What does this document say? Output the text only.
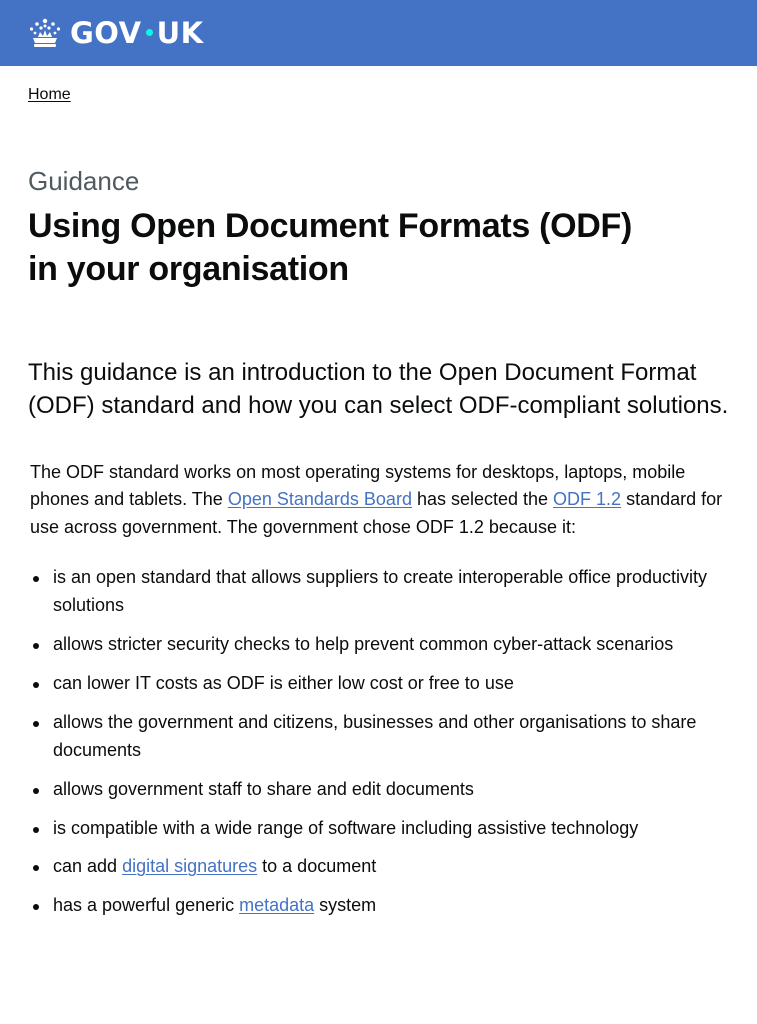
GOV UK
Home
Guidance
Using Open Document Formats (ODF)
in your organisation

This guidance is an introduction to the Open Document Format (ODF) standard and how you can select ODF-compliant solutions.

The ODF standard works on most operating systems for desktops, laptops, mobile phones and tablets. The Open Standards Board has selected the ODF 1.2 standard for use across government. The government chose ODF 1.2 because it:

is an open standard that allows suppliers to create interoperable office productivity solutions
allows stricter security checks to help prevent common cyber-attack scenarios
can lower IT costs as ODF is either low cost or free to use
allows the government and citizens, businesses and other organisations to share documents
allows government staff to share and edit documents
is compatible with a wide range of software including assistive technology
can add digital signatures to a document
has a powerful generic metadata system
